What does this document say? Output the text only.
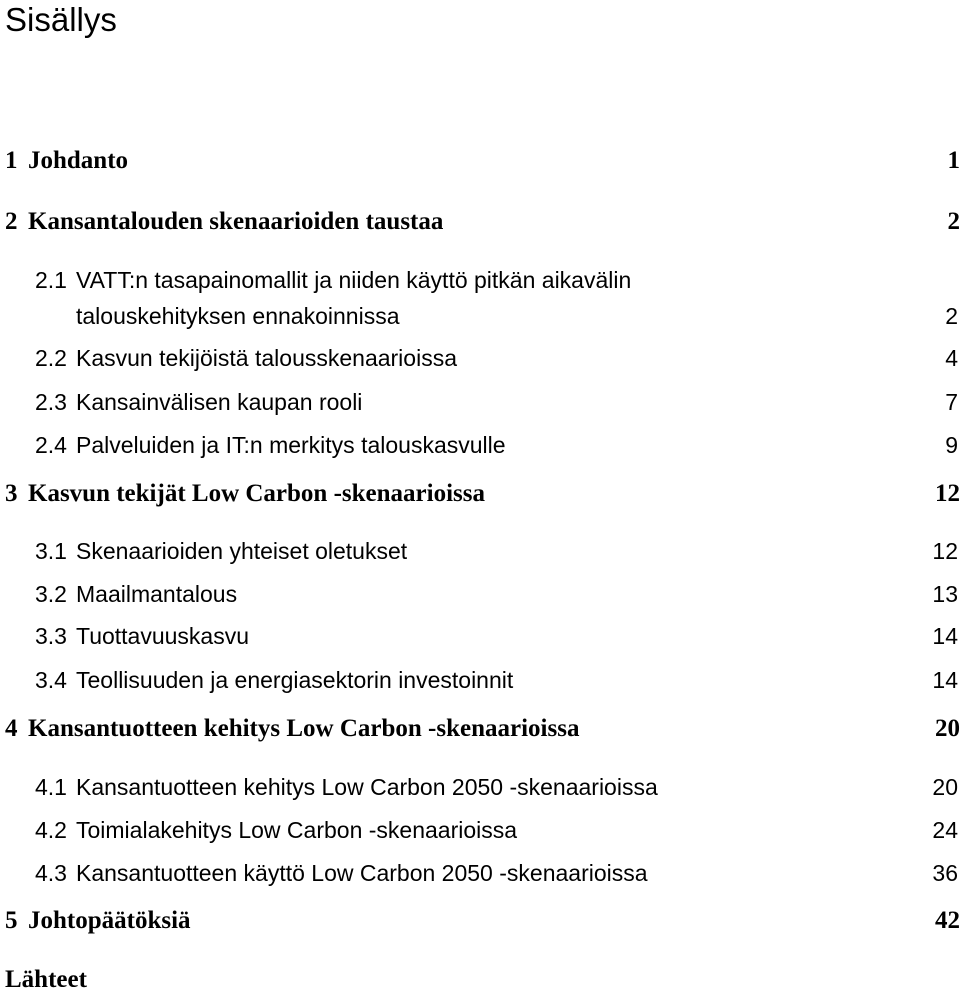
Sisällys
1 Johdanto	1
2 Kansantalouden skenaarioiden taustaa	2
2.1 VATT:n tasapainomallit ja niiden käyttö pitkän aikavälin
talouskehityksen ennakoinnissa	2
2.2 Kasvun tekijöistä talousskenaarioissa	4
2.3 Kansainvälisen kaupan rooli	7
2.4 Palveluiden ja IT:n merkitys talouskasvulle	9
3 Kasvun tekijät Low Carbon -skenaarioissa	12
3.1 Skenaarioiden yhteiset oletukset	12
3.2 Maailmantalous	13
3.3 Tuottavuuskasvu	14
3.4 Teollisuuden ja energiasektorin investoinnit	14
4 Kansantuotteen kehitys Low Carbon -skenaarioissa	20
4.1 Kansantuotteen kehitys Low Carbon 2050 -skenaarioissa	20
4.2 Toimialakehitys Low Carbon -skenaarioissa	24
4.3 Kansantuotteen käyttö Low Carbon 2050 -skenaarioissa	36
5 Johtopäätöksiä	42
Lähteet
